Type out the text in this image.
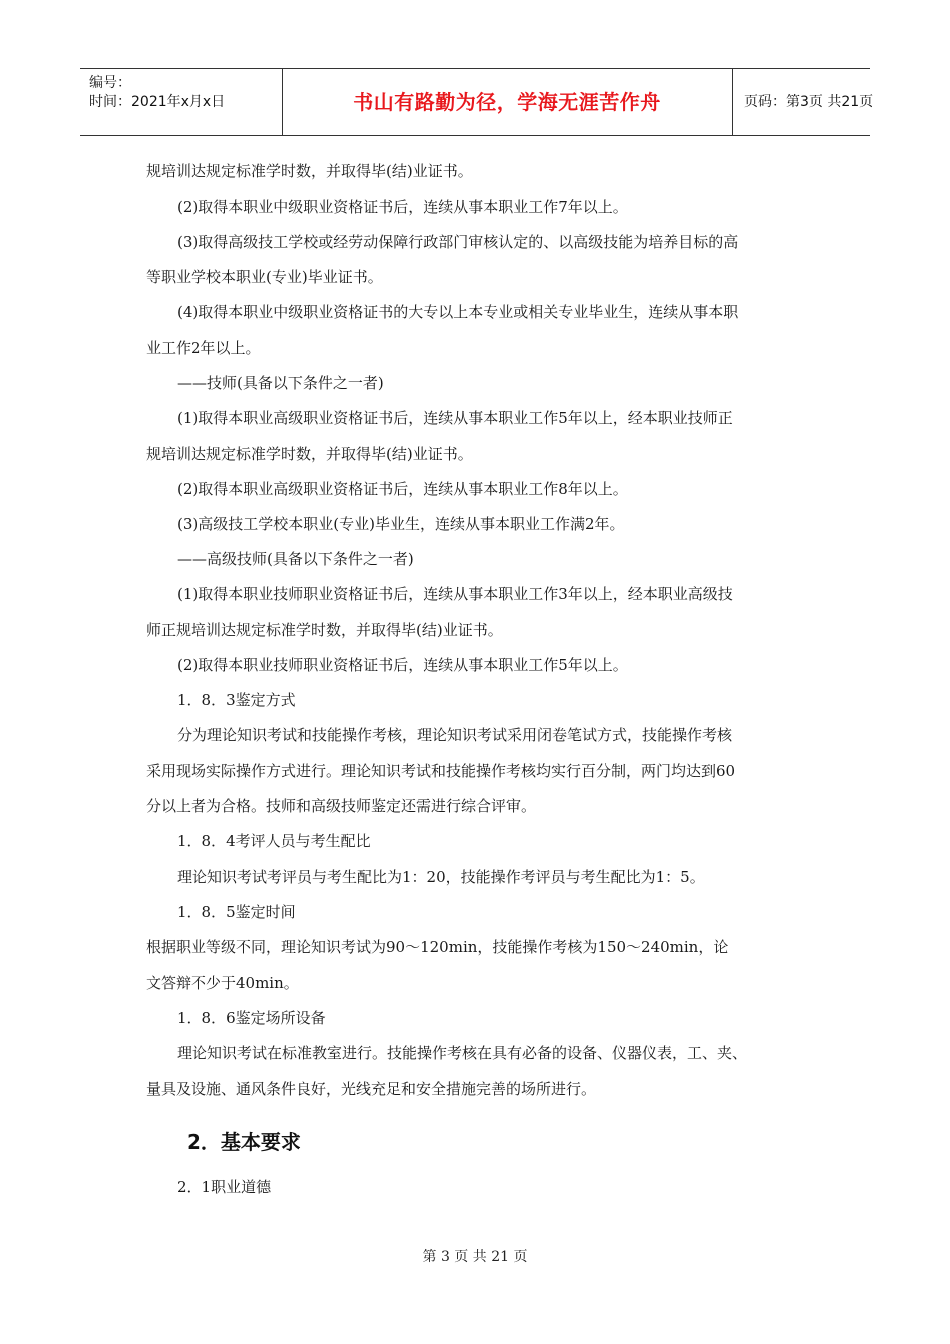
编号：
时间：2021年x月x日	书山有路勤为径，学海无涯苦作舟	页码：第3页 共21页
规培训达规定标准学时数，并取得毕(结)业证书。
(2)取得本职业中级职业资格证书后，连续从事本职业工作7年以上。
(3)取得高级技工学校或经劳动保障行政部门审核认定的、以高级技能为培养目标的高
等职业学校本职业(专业)毕业证书。
(4)取得本职业中级职业资格证书的大专以上本专业或相关专业毕业生，连续从事本职
业工作2年以上。
——技师(具备以下条件之一者)
(1)取得本职业高级职业资格证书后，连续从事本职业工作5年以上，经本职业技师正
规培训达规定标准学时数，并取得毕(结)业证书。
(2)取得本职业高级职业资格证书后，连续从事本职业工作8年以上。
(3)高级技工学校本职业(专业)毕业生，连续从事本职业工作满2年。
——高级技师(具备以下条件之一者)
(1)取得本职业技师职业资格证书后，连续从事本职业工作3年以上，经本职业高级技
师正规培训达规定标准学时数，并取得毕(结)业证书。
(2)取得本职业技师职业资格证书后，连续从事本职业工作5年以上。
1．8．3鉴定方式
分为理论知识考试和技能操作考核，理论知识考试采用闭卷笔试方式，技能操作考核
采用现场实际操作方式进行。理论知识考试和技能操作考核均实行百分制，两门均达到60
分以上者为合格。技师和高级技师鉴定还需进行综合评审。
1．8．4考评人员与考生配比
理论知识考试考评员与考生配比为1：20，技能操作考评员与考生配比为1：5。
1．8．5鉴定时间
根据职业等级不同，理论知识考试为90～120min，技能操作考核为150～240min，论
文答辩不少于40min。
1．8．6鉴定场所设备
理论知识考试在标准教室进行。技能操作考核在具有必备的设备、仪器仪表，工、夹、
量具及设施、通风条件良好，光线充足和安全措施完善的场所进行。
2．基本要求
2．1职业道德
第 3 页 共 21 页
